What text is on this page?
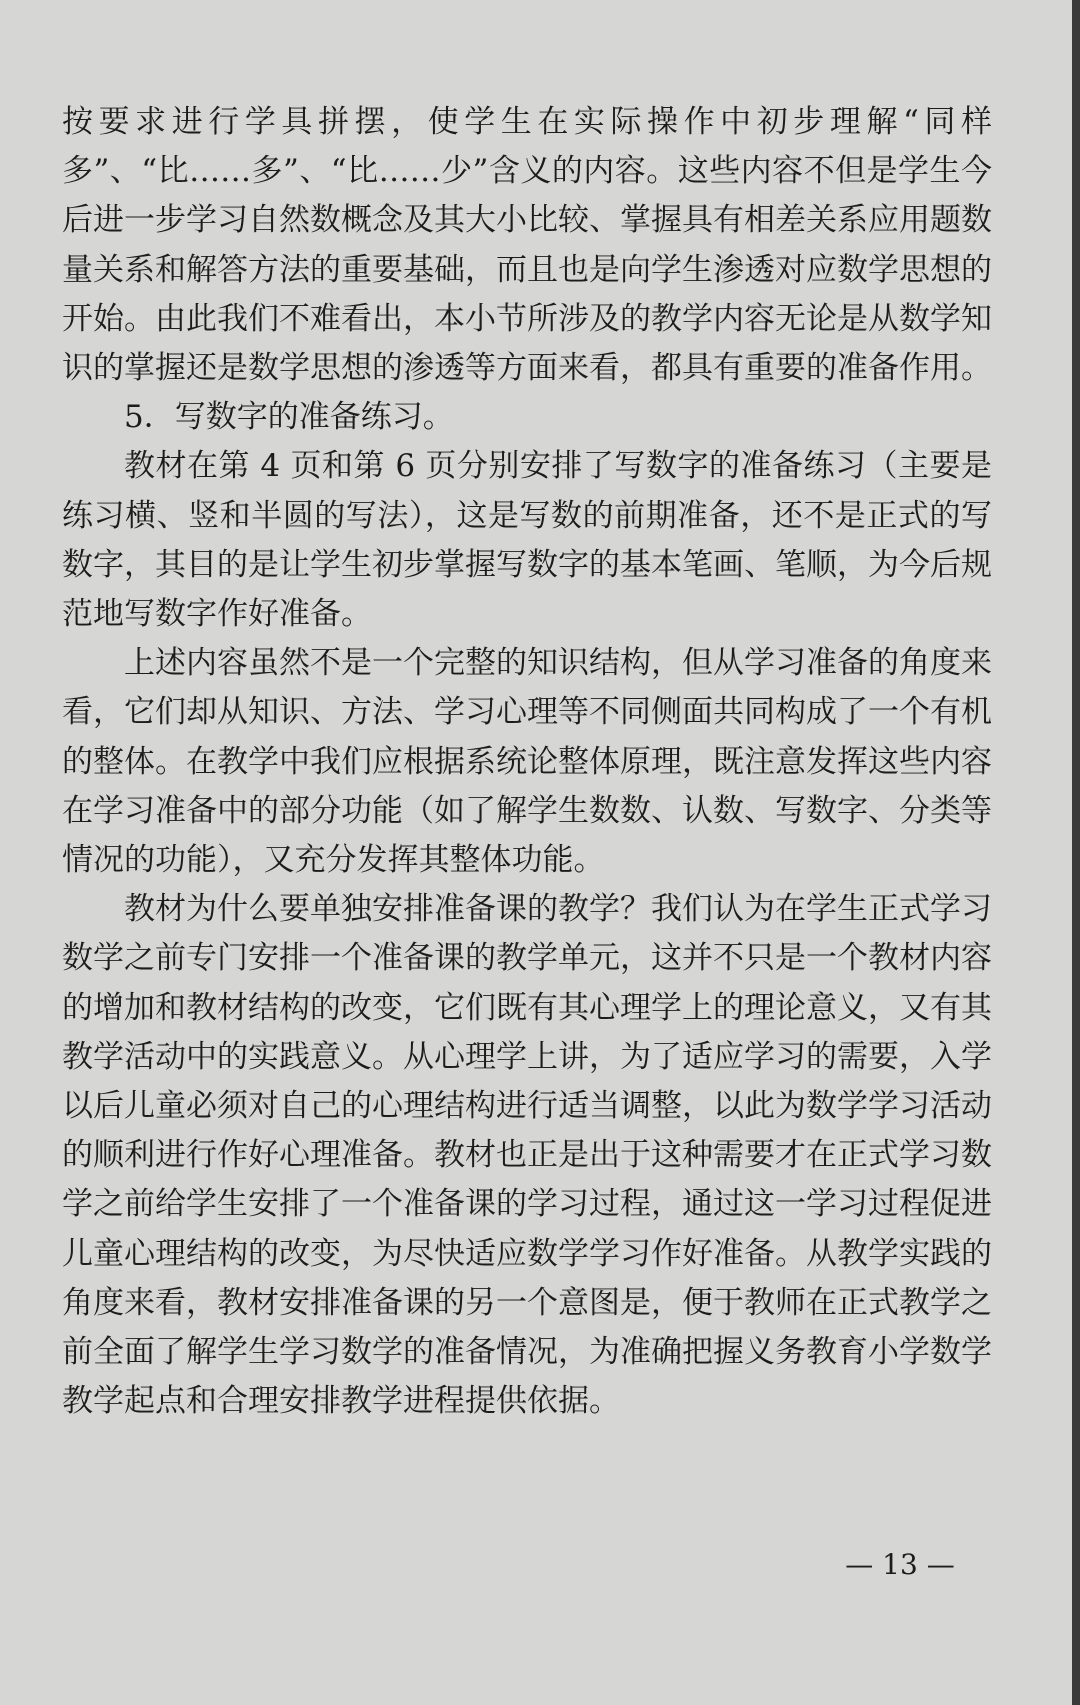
按要求进行学具拼摆，使学生在实际操作中初步理解“同样多”、“比……多”、“比……少”含义的内容。这些内容不但是学生今后进一步学习自然数概念及其大小比较、掌握具有相差关系应用题数量关系和解答方法的重要基础，而且也是向学生渗透对应数学思想的开始。由此我们不难看出，本小节所涉及的教学内容无论是从数学知识的掌握还是数学思想的渗透等方面来看，都具有重要的准备作用。

5．写数字的准备练习。

教材在第 4 页和第 6 页分别安排了写数字的准备练习（主要是练习横、竖和半圆的写法），这是写数的前期准备，还不是正式的写数字，其目的是让学生初步掌握写数字的基本笔画、笔顺，为今后规范地写数字作好准备。

上述内容虽然不是一个完整的知识结构，但从学习准备的角度来看，它们却从知识、方法、学习心理等不同侧面共同构成了一个有机的整体。在教学中我们应根据系统论整体原理，既注意发挥这些内容在学习准备中的部分功能（如了解学生数数、认数、写数字、分类等情况的功能），又充分发挥其整体功能。

教材为什么要单独安排准备课的教学？我们认为在学生正式学习数学之前专门安排一个准备课的教学单元，这并不只是一个教材内容的增加和教材结构的改变，它们既有其心理学上的理论意义，又有其教学活动中的实践意义。从心理学上讲，为了适应学习的需要，入学以后儿童必须对自己的心理结构进行适当调整，以此为数学学习活动的顺利进行作好心理准备。教材也正是出于这种需要才在正式学习数学之前给学生安排了一个准备课的学习过程，通过这一学习过程促进儿童心理结构的改变，为尽快适应数学学习作好准备。从教学实践的角度来看，教材安排准备课的另一个意图是，便于教师在正式教学之前全面了解学生学习数学的准备情况，为准确把握义务教育小学数学教学起点和合理安排教学进程提供依据。

— 13 —
